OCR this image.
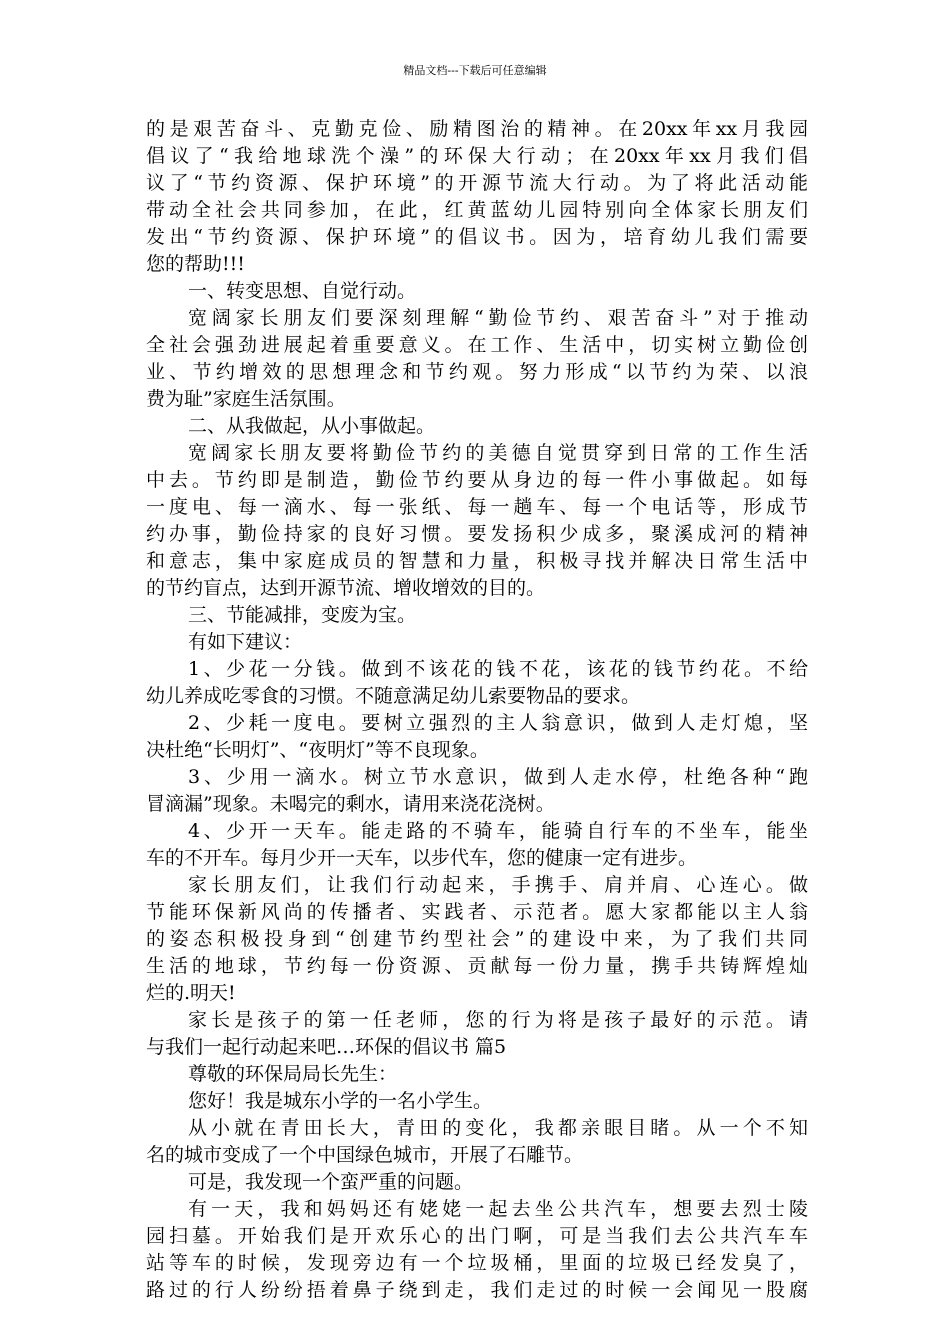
精品文档---下载后可任意编辑
的是艰苦奋斗、克勤克俭、励精图治的精神。在20xx年xx月我园
倡议了“我给地球洗个澡”的环保大行动；在20xx年xx月我们倡
议了“节约资源、保护环境”的开源节流大行动。为了将此活动能
带动全社会共同参加，在此，红黄蓝幼儿园特别向全体家长朋友们
发出“节约资源、保护环境”的倡议书。因为，培育幼儿我们需要
您的帮助!!!
一、转变思想、自觉行动。
宽阔家长朋友们要深刻理解“勤俭节约、艰苦奋斗”对于推动
全社会强劲进展起着重要意义。在工作、生活中，切实树立勤俭创
业、节约增效的思想理念和节约观。努力形成“以节约为荣、以浪
费为耻”家庭生活氛围。
二、从我做起，从小事做起。
宽阔家长朋友要将勤俭节约的美德自觉贯穿到日常的工作生活
中去。节约即是制造，勤俭节约要从身边的每一件小事做起。如每
一度电、每一滴水、每一张纸、每一趟车、每一个电话等，形成节
约办事，勤俭持家的良好习惯。要发扬积少成多，聚溪成河的精神
和意志，集中家庭成员的智慧和力量，积极寻找并解决日常生活中
的节约盲点，达到开源节流、增收增效的目的。
三、节能减排，变废为宝。
有如下建议：
1、少花一分钱。做到不该花的钱不花，该花的钱节约花。不给
幼儿养成吃零食的习惯。不随意满足幼儿索要物品的要求。
2、少耗一度电。要树立强烈的主人翁意识，做到人走灯熄，坚
决杜绝“长明灯”、“夜明灯”等不良现象。
3、少用一滴水。树立节水意识，做到人走水停，杜绝各种“跑
冒滴漏”现象。未喝完的剩水，请用来浇花浇树。
4、少开一天车。能走路的不骑车，能骑自行车的不坐车，能坐
车的不开车。每月少开一天车，以步代车，您的健康一定有进步。
家长朋友们，让我们行动起来，手携手、肩并肩、心连心。做
节能环保新风尚的传播者、实践者、示范者。愿大家都能以主人翁
的姿态积极投身到“创建节约型社会”的建设中来，为了我们共同
生活的地球，节约每一份资源、贡献每一份力量，携手共铸辉煌灿
烂的.明天!
家长是孩子的第一任老师，您的行为将是孩子最好的示范。请
与我们一起行动起来吧…环保的倡议书 篇5
尊敬的环保局局长先生：
您好！我是城东小学的一名小学生。
从小就在青田长大，青田的变化，我都亲眼目睹。从一个不知
名的城市变成了一个中国绿色城市，开展了石雕节。
可是，我发现一个蛮严重的问题。
有一天，我和妈妈还有姥姥一起去坐公共汽车，想要去烈士陵
园扫墓。开始我们是开欢乐心的出门啊，可是当我们去公共汽车车
站等车的时候，发现旁边有一个垃圾桶，里面的垃圾已经发臭了，
路过的行人纷纷捂着鼻子绕到走，我们走过的时候一会闻见一股腐
